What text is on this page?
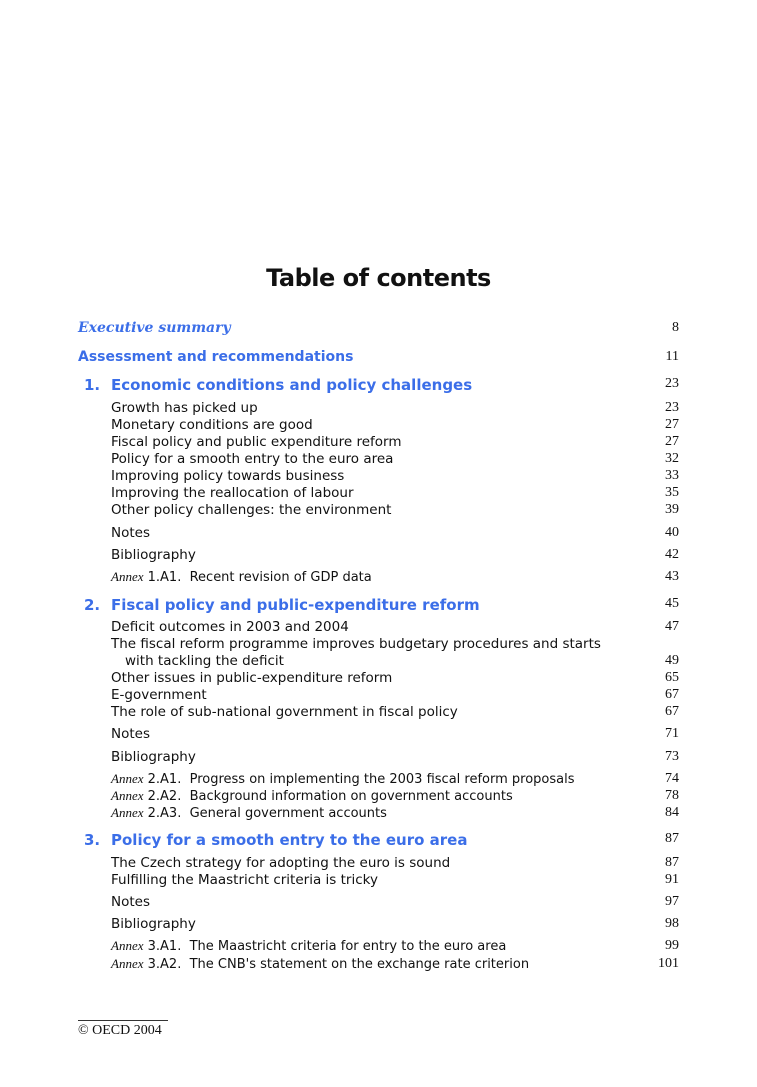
Table of contents
Executive summary	8
Assessment and recommendations	11
1. Economic conditions and policy challenges	23
Growth has picked up	23
Monetary conditions are good	27
Fiscal policy and public expenditure reform	27
Policy for a smooth entry to the euro area	32
Improving policy towards business	33
Improving the reallocation of labour	35
Other policy challenges: the environment	39
Notes	40
Bibliography	42
Annex 1.A1. Recent revision of GDP data	43
2. Fiscal policy and public-expenditure reform	45
Deficit outcomes in 2003 and 2004	47
The fiscal reform programme improves budgetary procedures and starts
with tackling the deficit	49
Other issues in public-expenditure reform	65
E-government	67
The role of sub-national government in fiscal policy	67
Notes	71
Bibliography	73
Annex 2.A1. Progress on implementing the 2003 fiscal reform proposals	74
Annex 2.A2. Background information on government accounts	78
Annex 2.A3. General government accounts	84
3. Policy for a smooth entry to the euro area	87
The Czech strategy for adopting the euro is sound	87
Fulfilling the Maastricht criteria is tricky	91
Notes	97
Bibliography	98
Annex 3.A1. The Maastricht criteria for entry to the euro area	99
Annex 3.A2. The CNB's statement on the exchange rate criterion	101
© OECD 2004
